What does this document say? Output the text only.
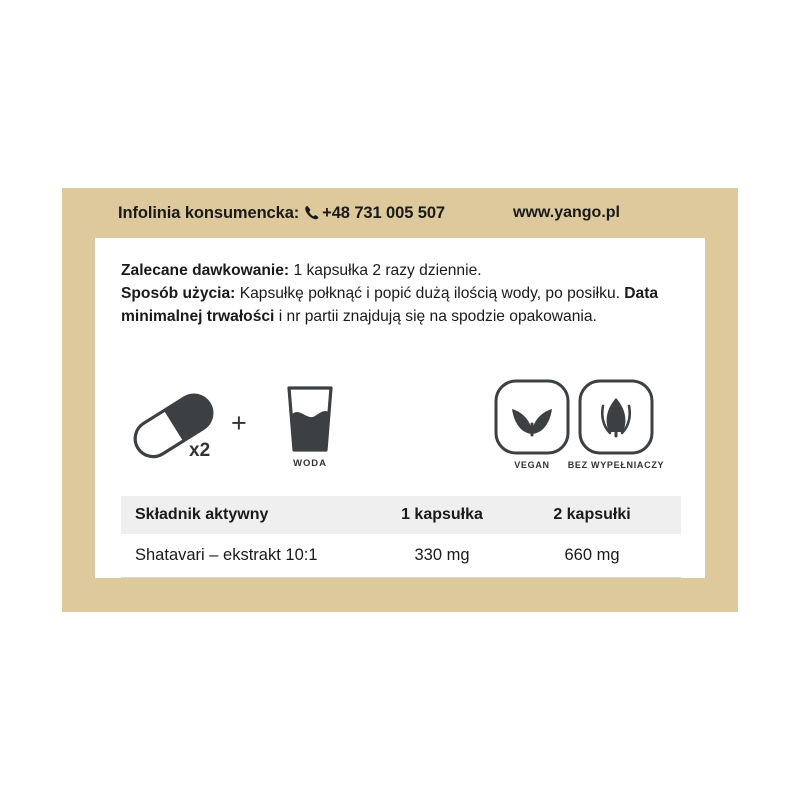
Infolinia konsumencka: +48 731 005 507	www.yango.pl
Zalecane dawkowanie: 1 kapsułka 2 razy dziennie.
Sposób użycia: Kapsułkę połknąć i popić dużą ilością wody, po posiłku. Data minimalnej trwałości i nr partii znajdują się na spodzie opakowania.
x2
+
WODA	VEGAN	BEZ WYPEŁNIACZY
Składnik aktywny	1 kapsułka	2 kapsułki
Shatavari – ekstrakt 10:1	330 mg	660 mg
